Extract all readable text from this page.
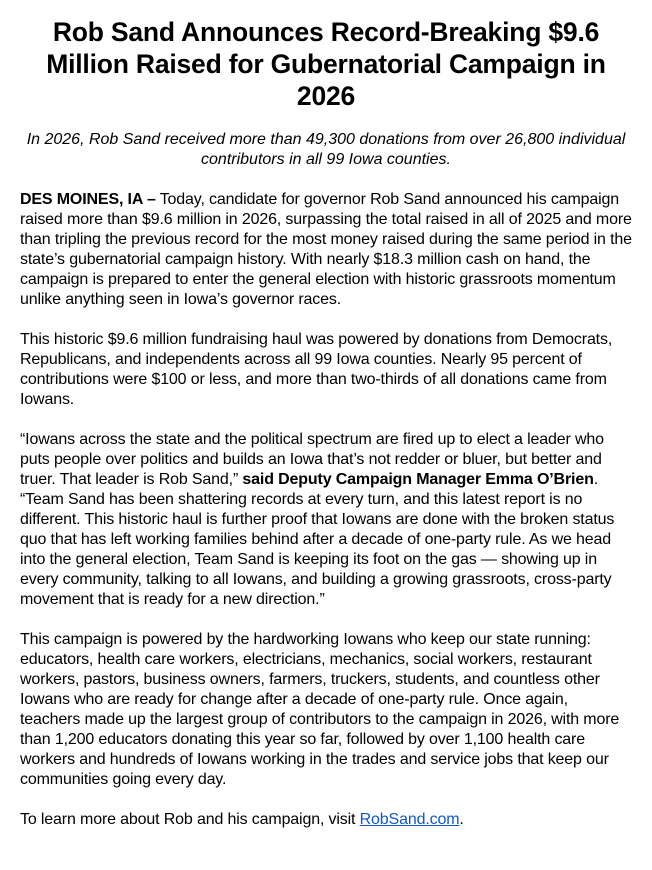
Rob Sand Announces Record-Breaking $9.6 Million Raised for Gubernatorial Campaign in 2026

In 2026, Rob Sand received more than 49,300 donations from over 26,800 individual contributors in all 99 Iowa counties.

DES MOINES, IA – Today, candidate for governor Rob Sand announced his campaign raised more than $9.6 million in 2026, surpassing the total raised in all of 2025 and more than tripling the previous record for the most money raised during the same period in the state’s gubernatorial campaign history. With nearly $18.3 million cash on hand, the campaign is prepared to enter the general election with historic grassroots momentum unlike anything seen in Iowa’s governor races.

This historic $9.6 million fundraising haul was powered by donations from Democrats, Republicans, and independents across all 99 Iowa counties. Nearly 95 percent of contributions were $100 or less, and more than two-thirds of all donations came from Iowans.

“Iowans across the state and the political spectrum are fired up to elect a leader who puts people over politics and builds an Iowa that’s not redder or bluer, but better and truer. That leader is Rob Sand,” said Deputy Campaign Manager Emma O’Brien. “Team Sand has been shattering records at every turn, and this latest report is no different. This historic haul is further proof that Iowans are done with the broken status quo that has left working families behind after a decade of one-party rule. As we head into the general election, Team Sand is keeping its foot on the gas — showing up in every community, talking to all Iowans, and building a growing grassroots, cross-party movement that is ready for a new direction.”

This campaign is powered by the hardworking Iowans who keep our state running: educators, health care workers, electricians, mechanics, social workers, restaurant workers, pastors, business owners, farmers, truckers, students, and countless other Iowans who are ready for change after a decade of one-party rule. Once again, teachers made up the largest group of contributors to the campaign in 2026, with more than 1,200 educators donating this year so far, followed by over 1,100 health care workers and hundreds of Iowans working in the trades and service jobs that keep our communities going every day.

To learn more about Rob and his campaign, visit RobSand.com.
